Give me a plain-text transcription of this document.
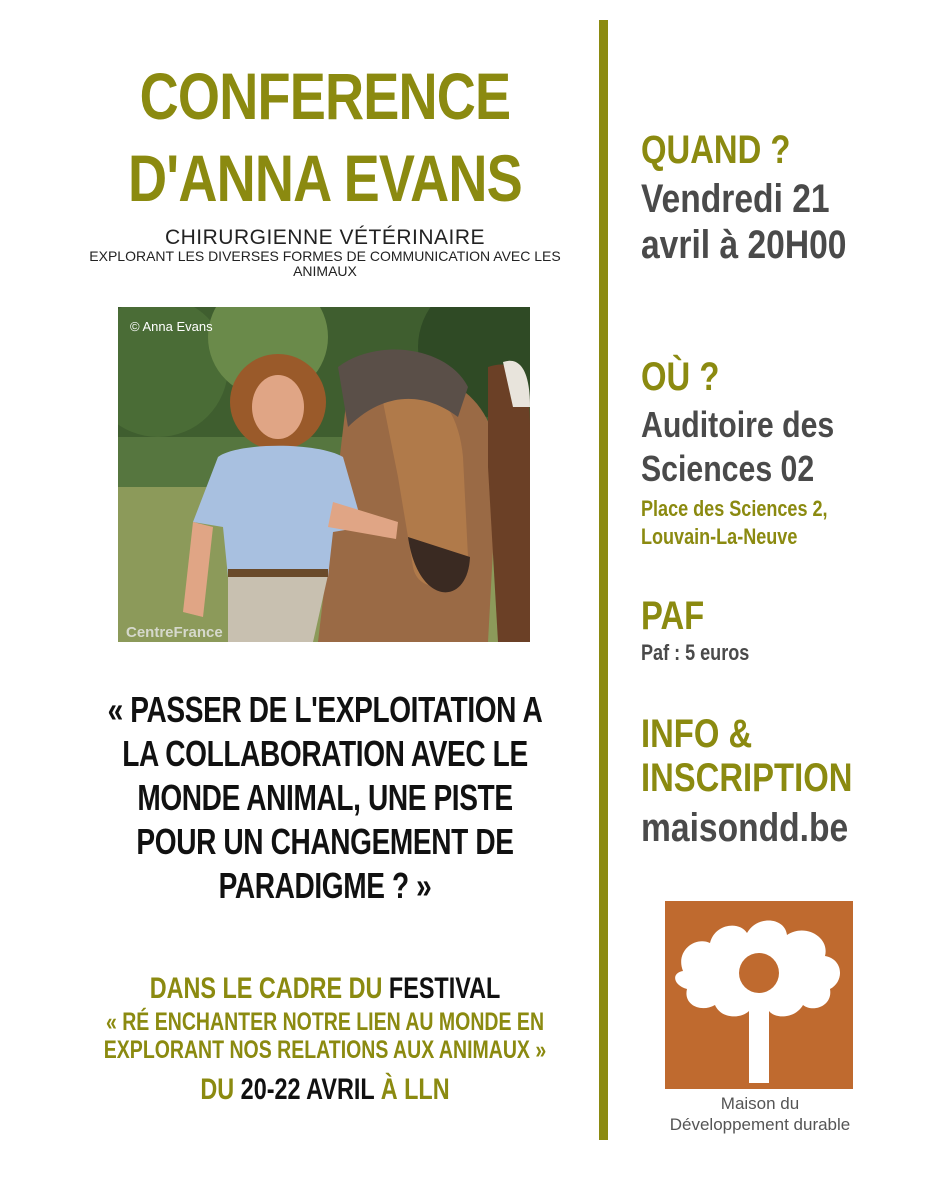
CONFERENCE
D'ANNA EVANS
CHIRURGIENNE VÉTÉRINAIRE
EXPLORANT LES DIVERSES FORMES DE COMMUNICATION AVEC LES ANIMAUX
© Anna Evans
CentreFrance
« PASSER DE L'EXPLOITATION A LA COLLABORATION AVEC LE MONDE ANIMAL, UNE PISTE POUR UN CHANGEMENT DE PARADIGME ? »
DANS LE CADRE DU FESTIVAL
« RÉ ENCHANTER NOTRE LIEN AU MONDE EN EXPLORANT NOS RELATIONS AUX ANIMAUX »
DU 20-22 AVRIL À LLN
QUAND ?
Vendredi 21 avril à 20H00
OÙ ?
Auditoire des Sciences 02
Place des Sciences 2, Louvain-La-Neuve
PAF
Paf : 5 euros
INFO & INSCRIPTION
maisondd.be
Maison du
Développement durable
